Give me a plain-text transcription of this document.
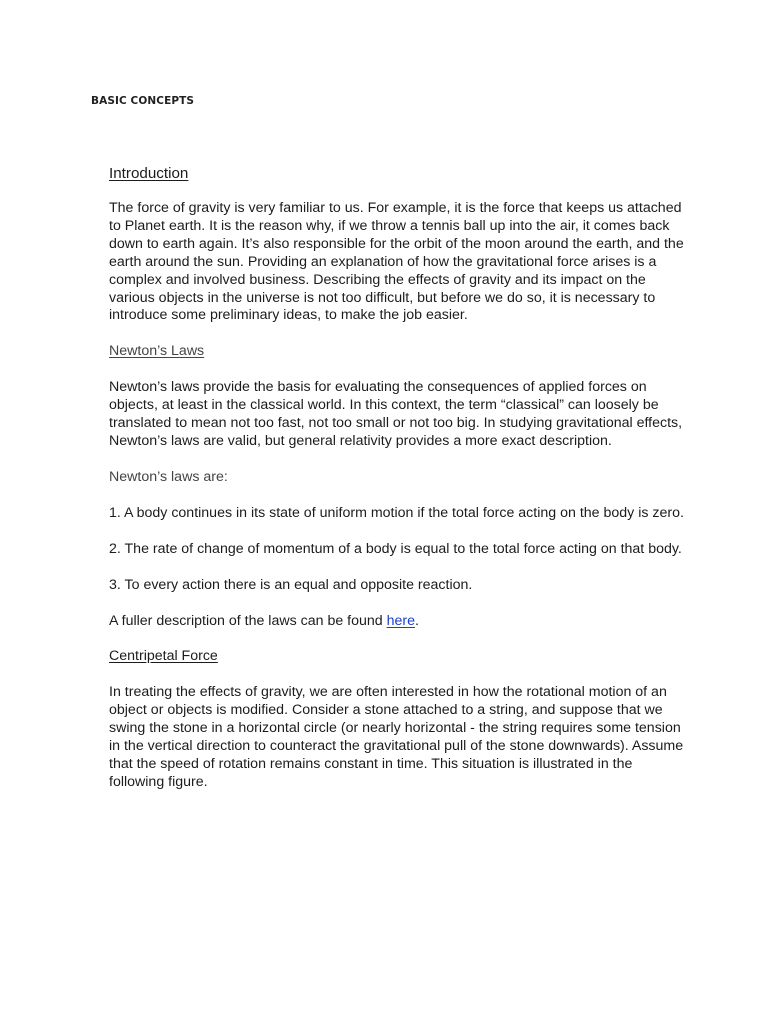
BASIC CONCEPTS
Introduction

The force of gravity is very familiar to us. For example, it is the force that keeps us attached to Planet earth. It is the reason why, if we throw a tennis ball up into the air, it comes back down to earth again. It’s also responsible for the orbit of the moon around the earth, and the earth around the sun. Providing an explanation of how the gravitational force arises is a complex and involved business. Describing the effects of gravity and its impact on the various objects in the universe is not too difficult, but before we do so, it is necessary to introduce some preliminary ideas, to make the job easier.

Newton’s Laws

Newton’s laws provide the basis for evaluating the consequences of applied forces on objects, at least in the classical world. In this context, the term “classical” can loosely be translated to mean not too fast, not too small or not too big. In studying gravitational effects, Newton’s laws are valid, but general relativity provides a more exact description.

Newton’s laws are:

1. A body continues in its state of uniform motion if the total force acting on the body is zero.

2. The rate of change of momentum of a body is equal to the total force acting on that body.

3. To every action there is an equal and opposite reaction.

A fuller description of the laws can be found here.

Centripetal Force

In treating the effects of gravity, we are often interested in how the rotational motion of an object or objects is modified. Consider a stone attached to a string, and suppose that we swing the stone in a horizontal circle (or nearly horizontal - the string requires some tension in the vertical direction to counteract the gravitational pull of the stone downwards). Assume that the speed of rotation remains constant in time. This situation is illustrated in the following figure.
